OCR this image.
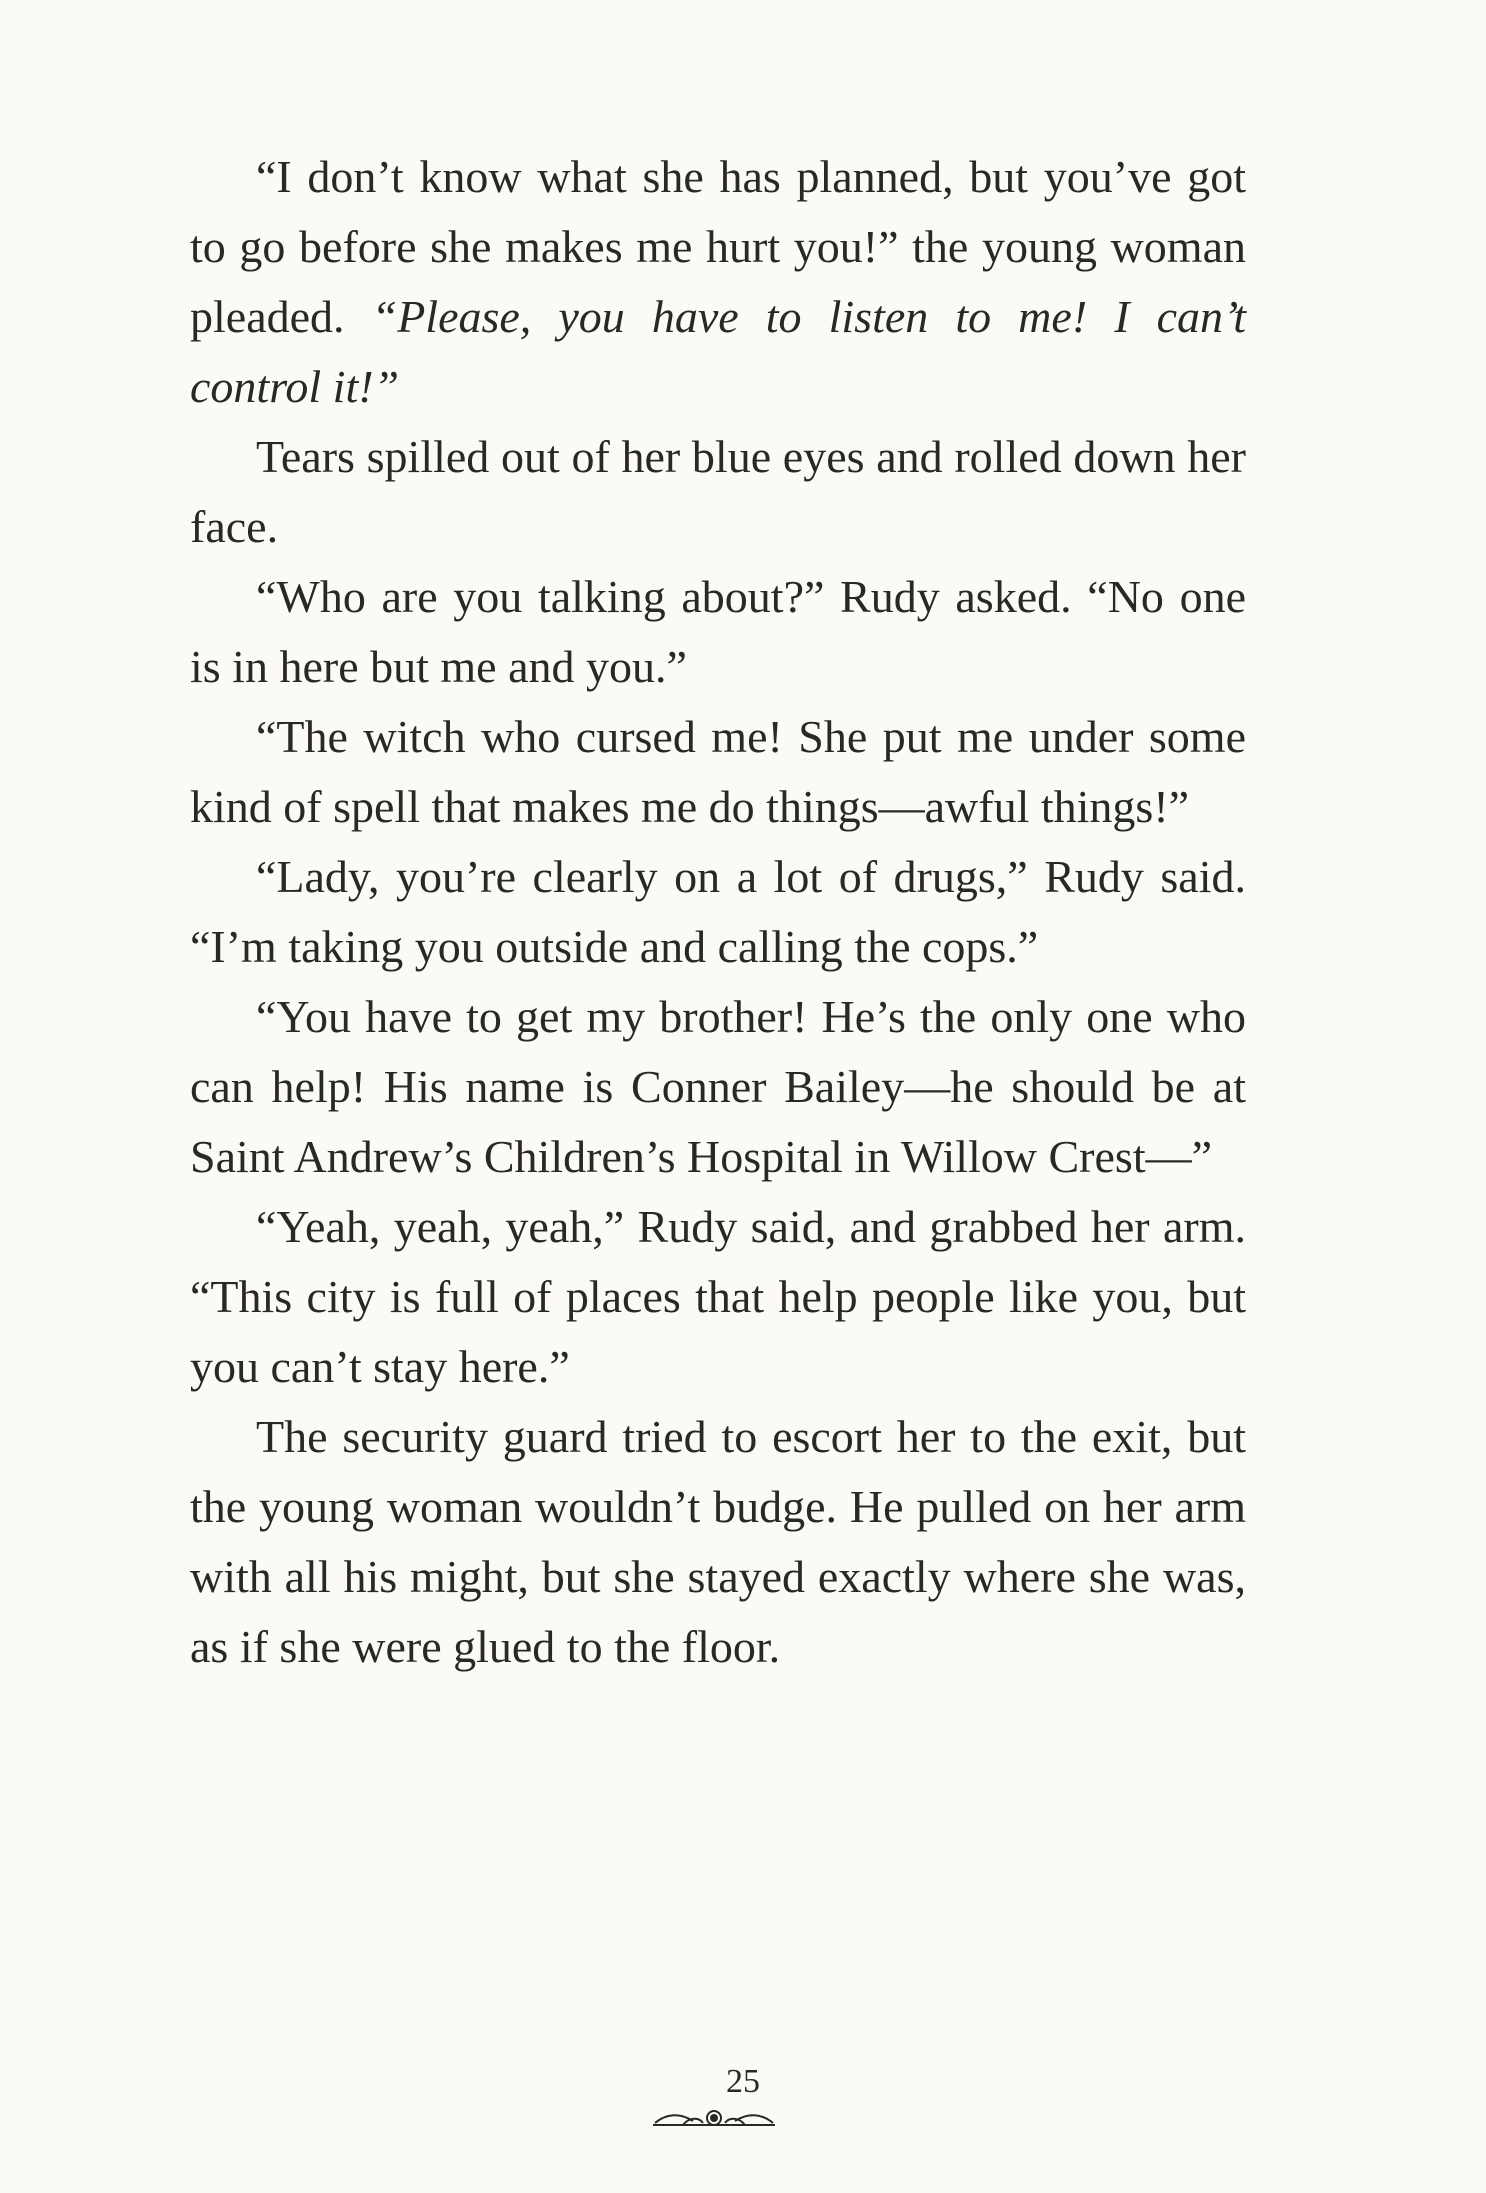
“I don’t know what she has planned, but you’ve got to go before she makes me hurt you!” the young woman pleaded. “Please, you have to listen to me! I can’t control it!”

Tears spilled out of her blue eyes and rolled down her face.

“Who are you talking about?” Rudy asked. “No one is in here but me and you.”

“The witch who cursed me! She put me under some kind of spell that makes me do things—awful things!”

“Lady, you’re clearly on a lot of drugs,” Rudy said. “I’m taking you outside and calling the cops.”

“You have to get my brother! He’s the only one who can help! His name is Conner Bailey—he should be at Saint Andrew’s Children’s Hospital in Willow Crest—”

“Yeah, yeah, yeah,” Rudy said, and grabbed her arm. “This city is full of places that help people like you, but you can’t stay here.”

The security guard tried to escort her to the exit, but the young woman wouldn’t budge. He pulled on her arm with all his might, but she stayed exactly where she was, as if she were glued to the floor.

25
